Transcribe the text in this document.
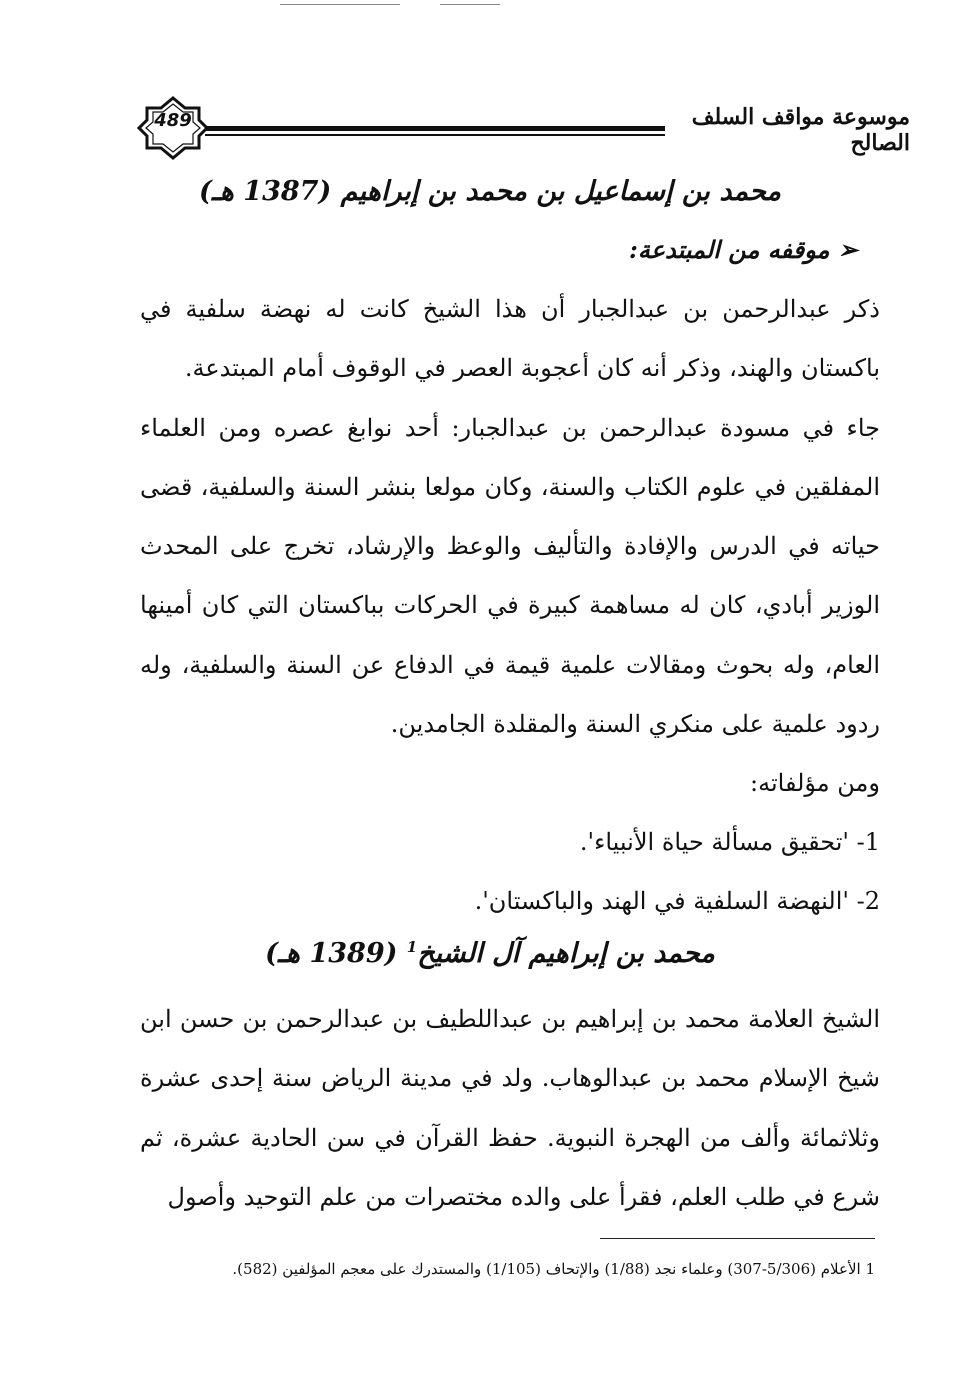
489	موسوعة مواقف السلف الصالح
محمد بن إسماعيل بن محمد بن إبراهيم (1387 هـ)
➢ موقفه من المبتدعة:

ذكر عبدالرحمن بن عبدالجبار أن هذا الشيخ كانت له نهضة سلفية في باكستان والهند، وذكر أنه كان أعجوبة العصر في الوقوف أمام المبتدعة.

جاء في مسودة عبدالرحمن بن عبدالجبار: أحد نوابغ عصره ومن العلماء المفلقين في علوم الكتاب والسنة، وكان مولعا بنشر السنة والسلفية، قضى حياته في الدرس والإفادة والتأليف والوعظ والإرشاد، تخرج على المحدث الوزير أبادي، كان له مساهمة كبيرة في الحركات بباكستان التي كان أمينها العام، وله بحوث ومقالات علمية قيمة في الدفاع عن السنة والسلفية، وله ردود علمية على منكري السنة والمقلدة الجامدين.

ومن مؤلفاته:
1- 'تحقيق مسألة حياة الأنبياء'.
2- 'النهضة السلفية في الهند والباكستان'.
محمد بن إبراهيم آل الشيخ$^1$ (1389 هـ)

الشيخ العلامة محمد بن إبراهيم بن عبداللطيف بن عبدالرحمن بن حسن ابن شيخ الإسلام محمد بن عبدالوهاب. ولد في مدينة الرياض سنة إحدى عشرة وثلاثمائة وألف من الهجرة النبوية. حفظ القرآن في سن الحادية عشرة، ثم شرع في طلب العلم، فقرأ على والده مختصرات من علم التوحيد وأصول

1 الأعلام (5/306-307) وعلماء نجد (1/88) والإتحاف (1/105) والمستدرك على معجم المؤلفين (582).
